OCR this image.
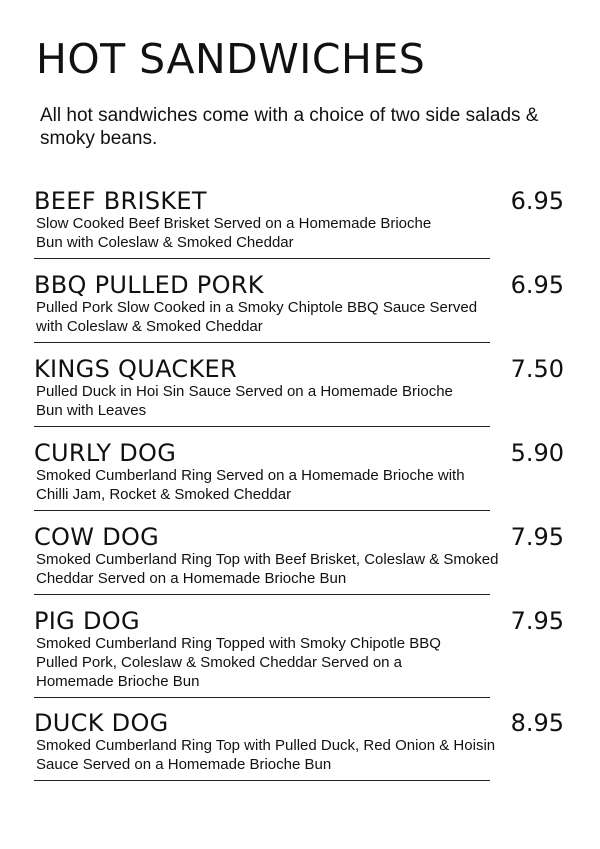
HOT SANDWICHES

All hot sandwiches come with a choice of two side salads & smoky beans.

BEEF BRISKET	6.95

Slow Cooked Beef Brisket Served on a Homemade Brioche Bun with Coleslaw & Smoked Cheddar

BBQ PULLED PORK	6.95

Pulled Pork Slow Cooked in a Smoky Chiptole BBQ Sauce Served with Coleslaw & Smoked Cheddar

KINGS QUACKER	7.50

Pulled Duck in Hoi Sin Sauce Served on a Homemade Brioche Bun with Leaves

CURLY DOG	5.90

Smoked Cumberland Ring Served on a Homemade Brioche with Chilli Jam, Rocket & Smoked Cheddar

COW DOG	7.95

Smoked Cumberland Ring Top with Beef Brisket, Coleslaw & Smoked Cheddar Served on a Homemade Brioche Bun

PIG DOG	7.95

Smoked Cumberland Ring Topped with Smoky Chipotle BBQ Pulled Pork, Coleslaw & Smoked Cheddar Served on a Homemade Brioche Bun

DUCK DOG	8.95

Smoked Cumberland Ring Top with Pulled Duck, Red Onion & Hoisin Sauce Served on a Homemade Brioche Bun
